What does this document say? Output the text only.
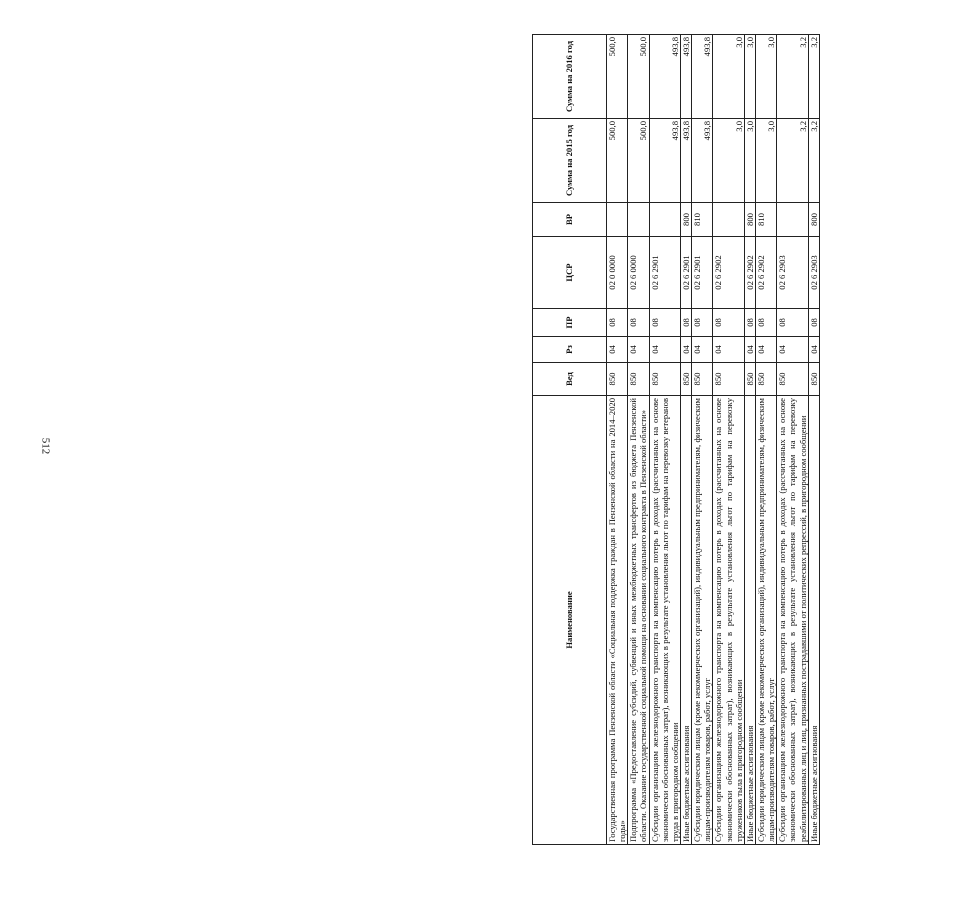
512
Наименование	Вед	Рз	ПР	ЦСР	ВР	Сумма на 2015 год	Сумма на 2016 год
Государственная программа Пензенской области «Социальная поддержка граждан в Пензенской области на 2014–2020 годы»	850	04	08	02 0 0000		500,0	500,0
Подпрограмма «Предоставление субсидий, субвенций и иных межбюджетных трансфертов из бюджета Пензенской области. Оказание государственной социальной помощи на основании социального контракта в Пензенской области»	850	04	08	02 6 0000		500,0	500,0
Субсидии организациям железнодорожного транспорта на компенсацию потерь в доходах (рассчитанных на основе экономически обоснованных затрат), возникающих в результате установления льгот по тарифам на перевозку ветеранов труда в пригородном сообщении	850	04	08	02 6 2901		493,8	493,8
Иные бюджетные ассигнования	850	04	08	02 6 2901	800	493,8	493,8
Субсидии юридическим лицам (кроме некоммерческих организаций), индивидуальным предпринимателям, физическим лицам-производителям товаров, работ, услуг	850	04	08	02 6 2901	810	493,8	493,8
Субсидии организациям железнодорожного транспорта на компенсацию потерь в доходах (рассчитанных на основе экономически обоснованных затрат), возникающих в результате установления льгот по тарифам на перевозку тружеников тыла в пригородном сообщении	850	04	08	02 6 2902		3,0	3,0
Иные бюджетные ассигнования	850	04	08	02 6 2902	800	3,0	3,0
Субсидии юридическим лицам (кроме некоммерческих организаций), индивидуальным предпринимателям, физическим лицам-производителям товаров, работ, услуг	850	04	08	02 6 2902	810	3,0	3,0
Субсидии организациям железнодорожного транспорта на компенсацию потерь в доходах (рассчитанных на основе экономически обоснованных затрат), возникающих в результате установления льгот по тарифам на перевозку реабилитированных лиц и лиц, признанных пострадавшими от политических репрессий, в пригородном сообщении	850	04	08	02 6 2903		3,2	3,2
Иные бюджетные ассигнования	850	04	08	02 6 2903	800	3,2	3,2
